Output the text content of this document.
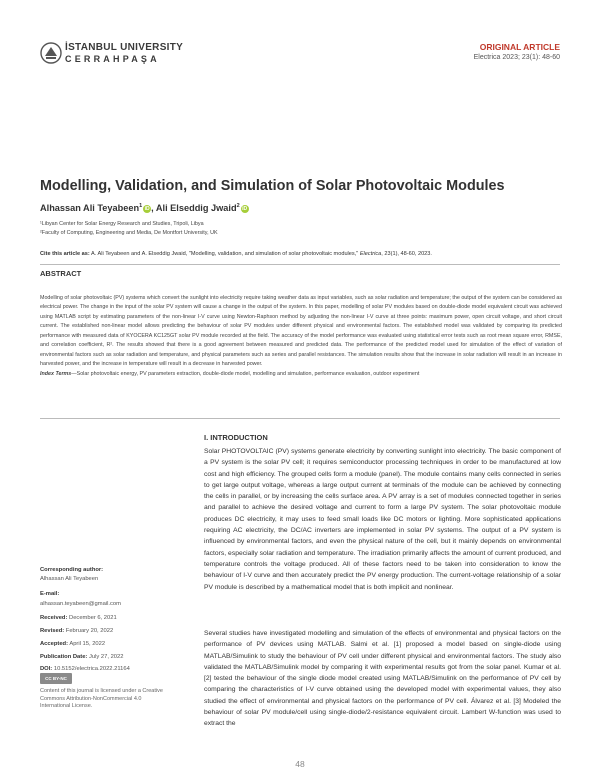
İSTANBUL UNIVERSITY
CERRAHPAŞA
ORIGINAL ARTICLE
Electrica 2023; 23(1): 48-60
Modelling, Validation, and Simulation of Solar Photovoltaic Modules
Alhassan Ali Teyabeen$^1$ iD , Ali Elseddig Jwaid$^2$ iD
¹Libyan Center for Solar Energy Research and Studies, Tripoli, Libya
²Faculty of Computing, Engineering and Media, De Montfort University, UK
Cite this article as: A. Ali Teyabeen and A. Elseddig Jwaid, "Modelling, validation, and simulation of solar photovoltaic modules," Electrica, 23(1), 48-60, 2023.
ABSTRACT
Modelling of solar photovoltaic (PV) systems which convert the sunlight into electricity require taking weather data as input variables, such as solar radiation and temperature; the output of the system can be considered as electrical power. The change in the input of the solar PV system will cause a change in the output of the system. In this paper, modelling of solar PV modules based on double-diode model equivalent circuit was achieved using MATLAB script by estimating parameters of the non-linear I-V curve using Newton-Raphson method by adjusting the non-linear I-V curve at three points: maximum power, open circuit voltage, and short circuit current. The established non-linear model allows predicting the behaviour of solar PV modules under different physical and environmental factors. The established model was validated by comparing its predicted performance with measured data of KYOCERA KC125GT solar PV module recorded at the field. The accuracy of the model performance was evaluated using statistical error tests such as root mean square error, RMSE, and correlation coefficient, R². The results showed that there is a good agreement between measured and predicted data. The performance of the predicted model used for simulation of the effect of variation of environmental factors such as solar radiation and temperature, and physical parameters such as series and parallel resistances. The simulation results show that the increase in solar radiation will result in an increase in harvested power, and the increase in temperature will result in a decrease in harvested power.
Index Terms—Solar photovoltaic energy, PV parameters extraction, double-diode model, modelling and simulation, performance evaluation, outdoor experiment
Corresponding author:
Alhassan Ali Teyabeen
E-mail:
alhassan.teyabeen@gmail.com
Received: December 6, 2021
Revised: February 20, 2022
Accepted: April 15, 2022
Publication Date: July 27, 2022
DOI: 10.5152/electrica.2022.21164
CC BY-NC
Content of this journal is licensed under a Creative Commons Attribution-NonCommercial 4.0 International License.
I. INTRODUCTION
Solar PHOTOVOLTAIC (PV) systems generate electricity by converting sunlight into electricity. The basic component of a PV system is the solar PV cell; it requires semiconductor processing techniques in order to be manufactured at low cost and high efficiency. The grouped cells form a module (panel). The module contains many cells connected in series to get large output voltage, whereas a large output current at terminals of the module can be achieved by connecting the cells in parallel, or by increasing the cells surface area. A PV array is a set of modules connected together in series and parallel to achieve the desired voltage and current to form a large PV system. The solar photovoltaic module produces DC electricity, it may uses to feed small loads like DC motors or lighting. More sophisticated applications requiring AC electricity, the DC/AC inverters are implemented in solar PV systems. The output of a PV system is influenced by environmental factors, and even the physical nature of the cell, but it mainly depends on environmental factors, especially solar radiation and temperature. The irradiation primarily affects the amount of current produced, and temperature controls the voltage produced. All of these factors need to be taken into consideration to know the behaviour of I-V curve and then accurately predict the PV energy production. The current-voltage relationship of a solar PV module is described by a mathematical model that is both implicit and nonlinear.
Several studies have investigated modelling and simulation of the effects of environmental and physical factors on the performance of PV devices using MATLAB. Salmi et al. [1] proposed a model based on single-diode using MATLAB/Simulink to study the behaviour of PV cell under different physical and environmental factors. The study also validated the MATLAB/Simulink model by comparing it with experimental results got from the solar panel. Kumar et al. [2] tested the behaviour of the single diode model created using MATLAB/Simulink on the performance of PV cell by comparing the characteristics of I-V curve obtained using the developed model with experimental values, they also studied the effect of environmental and physical factors on the performance of PV cell. Álvarez et al. [3] Modeled the behaviour of solar PV module/cell using single-diode/2-resistance equivalent circuit. Lambert W-function was used to extract the
48
